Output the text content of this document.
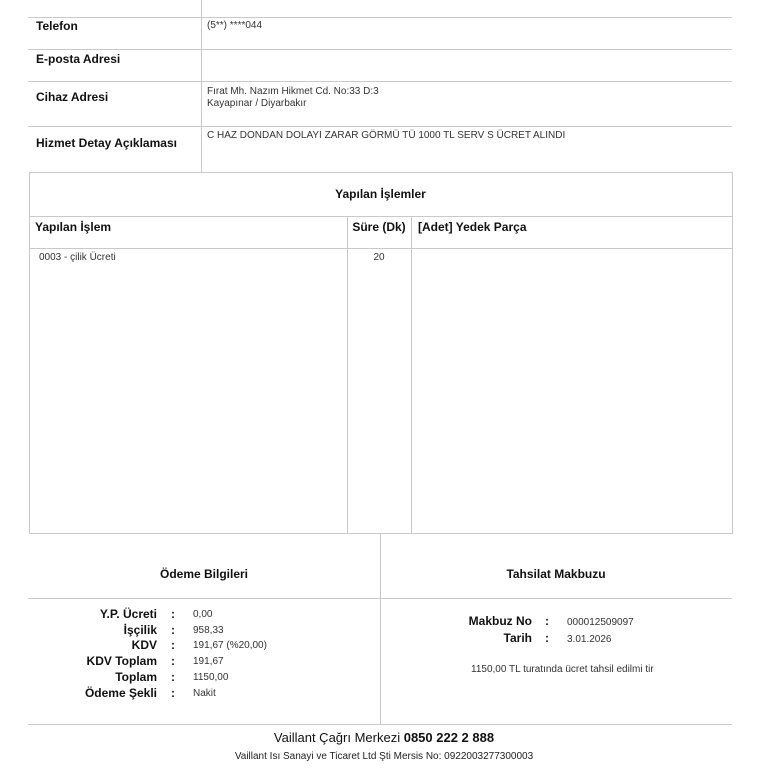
Telefon	(5**) ****044
E-posta Adresi
Cihaz Adresi	Fırat Mh. Nazım Hikmet Cd. No:33 D:3
Kayapınar / Diyarbakır
Hizmet Detay Açıklaması
C HAZ DONDAN DOLAYI ZARAR GÖRMÜ TÜ 1000 TL SERV S ÜCRET ALINDI
Yapılan İşlemler
Yapılan İşlem	Süre (Dk)	[Adet] Yedek Parça
0003 - çilik Ücreti	20
Ödeme Bilgileri	Tahsilat Makbuzu
Y.P. Ücreti : 0,00
İşçilik : 958,33
KDV : 191,67 (%20,00)
KDV Toplam : 191,67
Toplam : 1150,00
Ödeme Şekli : Nakit
Makbuz No : 000012509097
Tarih : 3.01.2026
1150,00 TL turatında ücret tahsil edilmi tir
Vaillant Çağrı Merkezi 0850 222 2 888
Vaillant Isı Sanayi ve Ticaret Ltd Şti Mersis No: 0922003277300003
